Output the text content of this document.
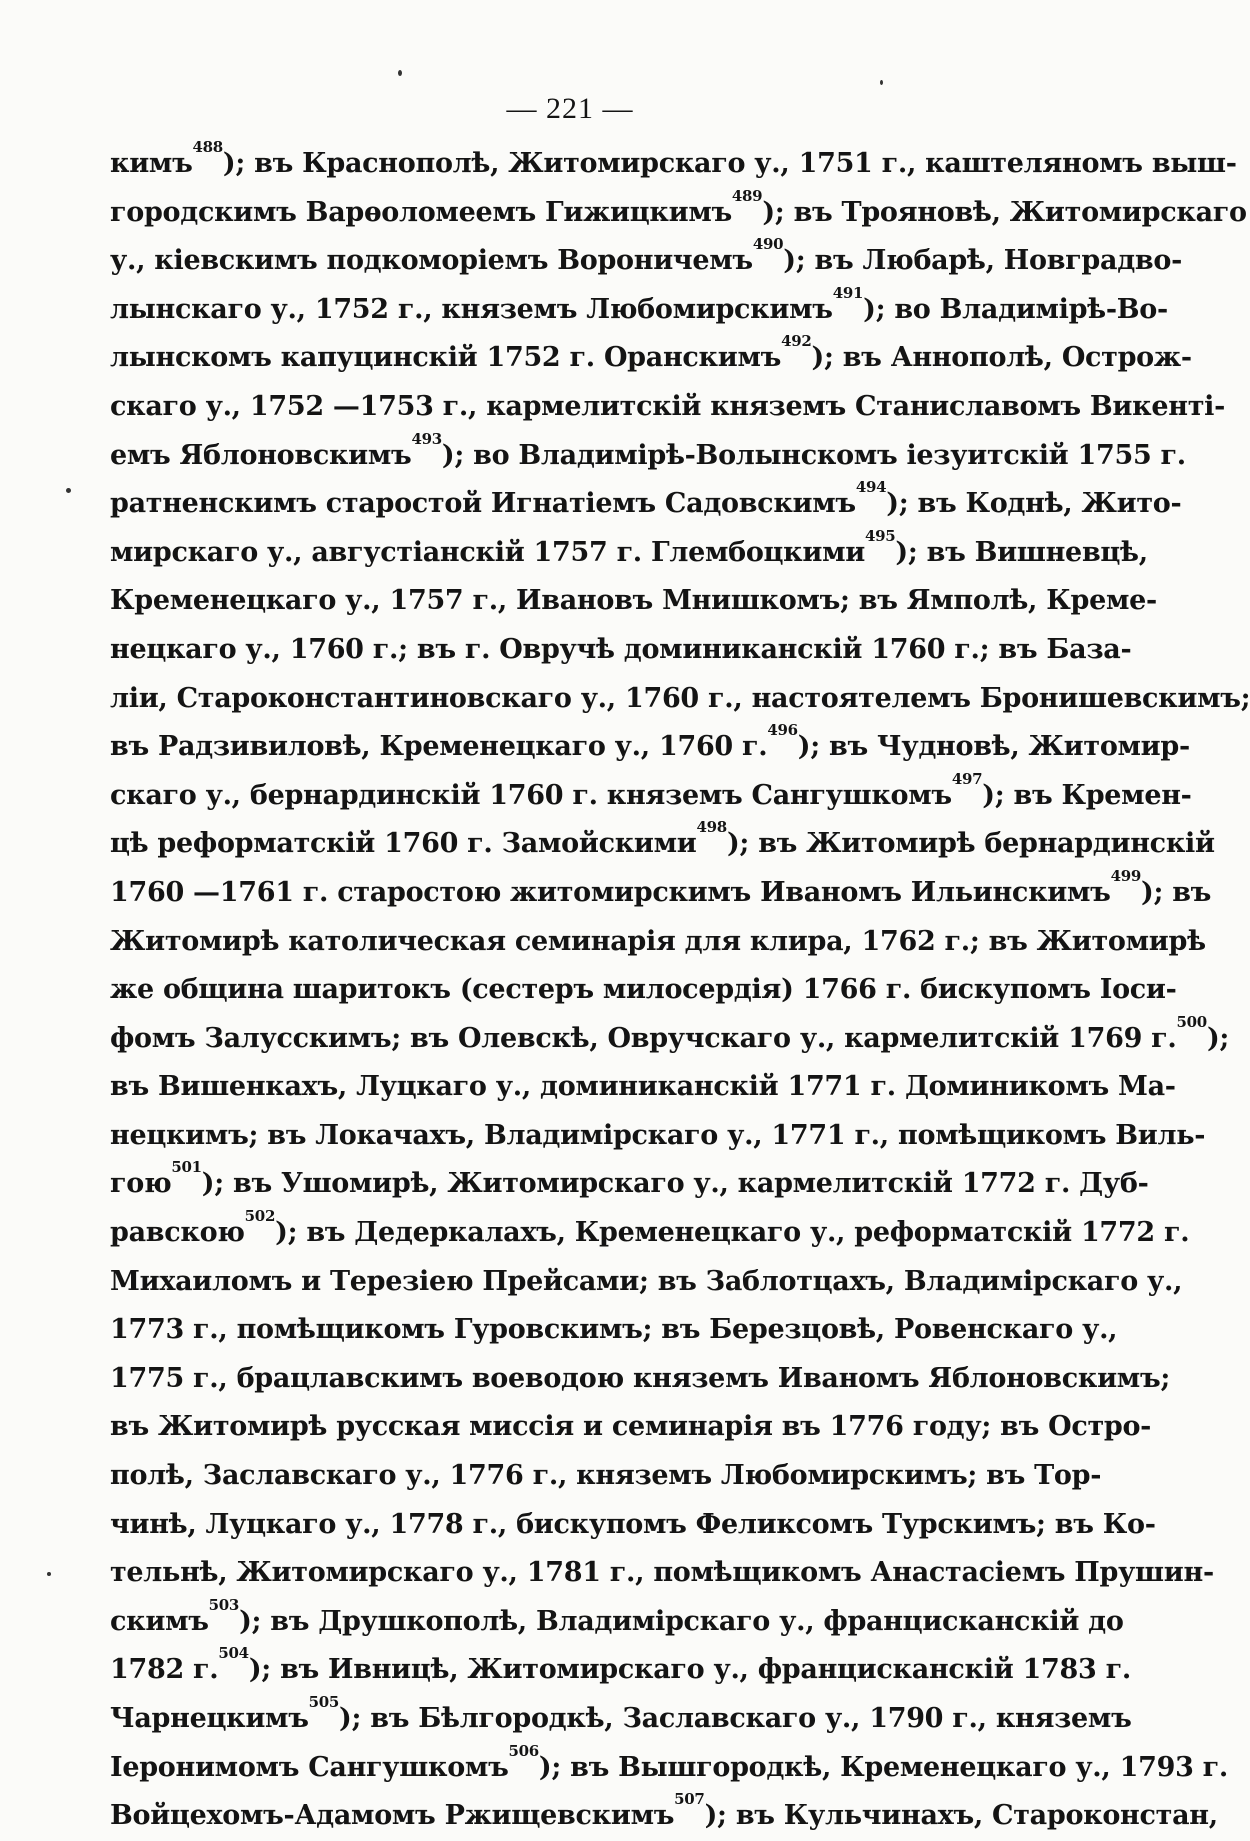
— 221 —
кимъ$^{488}$); въ Краснополѣ, Житомирскаго у., 1751 г., каштеляномъ выш-
городскимъ Варѳоломеемъ Гижицкимъ$^{489}$); въ Трояновѣ, Житомирскаго
у., кіевскимъ подкоморіемъ Вороничемъ$^{490}$); въ Любарѣ, Новградво-
лынскаго у., 1752 г., княземъ Любомирскимъ$^{491}$); во Владимірѣ-Во-
лынскомъ капуцинскій 1752 г. Оранскимъ$^{492}$); въ Аннополѣ, Острож-
скаго у., 1752 —1753 г., кармелитскій княземъ Станиславомъ Викенті-
емъ Яблоновскимъ$^{493}$); во Владимірѣ-Волынскомъ іезуитскій 1755 г.
ратненскимъ старостой Игнатіемъ Садовскимъ$^{494}$); въ Коднѣ, Жито-
мирскаго у., августіанскій 1757 г. Глембоцкими$^{495}$); въ Вишневцѣ,
Кременецкаго у., 1757 г., Ивановъ Мнишкомъ; въ Ямполѣ, Креме-
нецкаго у., 1760 г.; въ г. Овручѣ доминиканскій 1760 г.; въ База-
ліи, Староконстантиновскаго у., 1760 г., настоятелемъ Бронишевскимъ;
въ Радзивиловѣ, Кременецкаго у., 1760 г.$^{496}$); въ Чудновѣ, Житомир-
скаго у., бернардинскій 1760 г. княземъ Сангушкомъ$^{497}$); въ Кремен-
цѣ реформатскій 1760 г. Замойскими$^{498}$); въ Житомирѣ бернардинскій
1760 —1761 г. старостою житомирскимъ Иваномъ Ильинскимъ$^{499}$); въ
Житомирѣ католическая семинарія для клира, 1762 г.; въ Житомирѣ
же община шаритокъ (сестеръ милосердія) 1766 г. бискупомъ Іоси-
фомъ Залусскимъ; въ Олевскѣ, Овручскаго у., кармелитскій 1769 г.$^{500}$);
въ Вишенкахъ, Луцкаго у., доминиканскій 1771 г. Доминикомъ Ма-
нецкимъ; въ Локачахъ, Владимірскаго у., 1771 г., помѣщикомъ Виль-
гою$^{501}$); въ Ушомирѣ, Житомирскаго у., кармелитскій 1772 г. Дуб-
равскою$^{502}$); въ Дедеркалахъ, Кременецкаго у., реформатскій 1772 г.
Михаиломъ и Терезіею Прейсами; въ Заблотцахъ, Владимірскаго у.,
1773 г., помѣщикомъ Гуровскимъ; въ Березцовѣ, Ровенскаго у.,
1775 г., брацлавскимъ воеводою княземъ Иваномъ Яблоновскимъ;
въ Житомирѣ русская миссія и семинарія въ 1776 году; въ Остро-
полѣ, Заславскаго у., 1776 г., княземъ Любомирскимъ; въ Тор-
чинѣ, Луцкаго у., 1778 г., бискупомъ Феликсомъ Турскимъ; въ Ко-
тельнѣ, Житомирскаго у., 1781 г., помѣщикомъ Анастасіемъ Прушин-
скимъ$^{503}$); въ Друшкополѣ, Владимірскаго у., францисканскій до
1782 г.$^{504}$); въ Ивницѣ, Житомирскаго у., францисканскій 1783 г.
Чарнецкимъ$^{505}$); въ Бѣлгородкѣ, Заславскаго у., 1790 г., княземъ
Іеронимомъ Сангушкомъ$^{506}$); въ Вышгородкѣ, Кременецкаго у., 1793 г.
Войцехомъ-Адамомъ Ржищевскимъ$^{507}$); въ Кульчинахъ, Староконстан,
